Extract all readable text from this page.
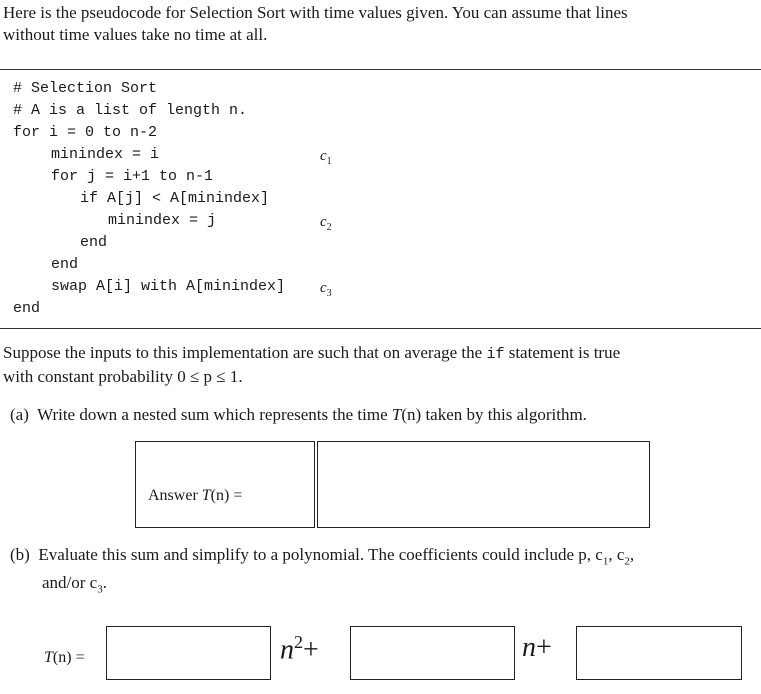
Here is the pseudocode for Selection Sort with time values given. You can assume that lines
without time values take no time at all.
# Selection Sort
# A is a list of length n.
for i = 0 to n-2
minindex = i
for j = i+1 to n-1
if A[j] < A[minindex]
minindex = j
end
end
swap A[i] with A[minindex]
end
$c_1$
$c_2$
$c_3$
Suppose the inputs to this implementation are such that on average the if statement is true
with constant probability 0 ≤ p ≤ 1.
(a) Write down a nested sum which represents the time T(n) taken by this algorithm.
Answer T(n) =
(b) Evaluate this sum and simplify to a polynomial. The coefficients could include p, $c_1$, $c_2$,
and/or $c_3$.
T(n) =	$n^2+$	n+
